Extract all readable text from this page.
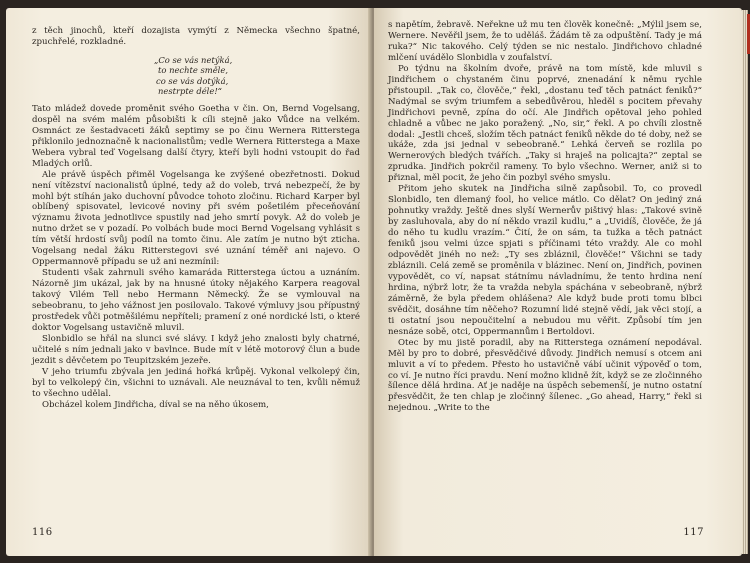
z těch jinochů, kteří dozajista vymýtí z Německa všechno špatné, zpuchřelé, rozkladné.

„Co se vás netýká,
to nechte směle,
co se vás dotýká,
nestrpte déle!“

Tato mládež dovede proměnit svého Goetha v čin. On, Bernd Vogelsang, dospěl na svém malém působišti k cíli stejně jako Vůdce na velkém. Osmnáct ze šestadvaceti žáků septimy se po činu Wernera Ritterstega přiklonilo jednoznačně k nacionalistům; vedle Wernera Ritterstega a Maxe Webera vybral teď Vogelsang další čtyry, kteří byli hodni vstoupit do řad Mladých orlů.

Ale právě úspěch přiměl Vogelsanga ke zvýšené obezřetnosti. Dokud není vítězství nacionalistů úplné, tedy až do voleb, trvá nebezpečí, že by mohl být stíhán jako duchovní původce tohoto zločinu. Richard Karper byl oblíbený spisovatel, levicové noviny při svém pošetilém přeceňování významu života jednotlivce spustily nad jeho smrtí povyk. Až do voleb je nutno držet se v pozadí. Po volbách bude moci Bernd Vogelsang vyhlásit s tím větší hrdostí svůj podíl na tomto činu. Ale zatím je nutno být zticha. Vogelsang nedal žáku Ritterstegovi své uznání téměř ani najevo. O Oppermannově případu se už ani nezmínil:

Studenti však zahrnuli svého kamaráda Ritterstega úctou a uznáním. Názorně jim ukázal, jak by na hnusné útoky nějakého Karpera reagoval takový Vilém Tell nebo Hermann Německý. Že se vymlouval na sebeobranu, to jeho vážnost jen posilovalo. Takové výmluvy jsou přípustný prostředek vůči potměšilému nepříteli; pramení z oné nordické lsti, o které doktor Vogelsang ustavičně mluvil.

Slonbidlo se hřál na slunci své slávy. I když jeho znalosti byly chatrné, učitelé s ním jednali jako v bavlnce. Bude mít v létě motorový člun a bude jezdit s děvčetem po Teupitzském jezeře.

V jeho triumfu zbývala jen jediná hořká krůpěj. Vykonal velkolepý čin, byl to velkolepý čin, všichni to uznávali. Ale neuznával to ten, kvůli němuž to všechno udělal.

Obcházel kolem Jindřicha, díval se na něho úkosem,

116

s napětím, žebravě. Neřekne už mu ten člověk konečně: „Mýlil jsem se, Wernere. Nevěřil jsem, že to uděláš. Žádám tě za odpuštění. Tady je má ruka?“ Nic takového. Celý týden se nic nestalo. Jindřichovo chladné mlčení uvádělo Slonbidla v zoufalství.

Po týdnu na školním dvoře, právě na tom místě, kde mluvil s Jindřichem o chystaném činu poprvé, znenadání k němu rychle přistoupil. „Tak co, člověče,“ řekl, „dostanu teď těch patnáct feniků?“ Nadýmal se svým triumfem a sebedůvěrou, hleděl s pocitem převahy Jindřichovi pevně, zpína do očí. Ale Jindřich opětoval jeho pohled chladně a vůbec ne jako poražený. „No, sir,“ řekl. A po chvíli zlostně dodal: „Jestli chceš, složím těch patnáct feniků někde do té doby, než se ukáže, zda jsi jednal v sebeobraně.“ Lehká červeň se rozlila po Wernerových bledých tvářích. „Taky si hraješ na policajta?“ zeptal se zprudka. Jindřich pokrčil rameny. To bylo všechno. Werner, aniž si to přiznal, měl pocit, že jeho čin pozbyl svého smyslu.

Přitom jeho skutek na Jindřicha silně zapůsobil. To, co provedl Slonbidlo, ten dlemaný fool, ho velice mátlo. Co dělat? On jediný zná pohnutky vraždy. Ještě dnes slyší Wernerův pištivý hlas: „Takové svině by zasluhovala, aby do ní někdo vrazil kudlu,“ a „Uvidíš, člověče, že já do něho tu kudlu vrazím.“ Čití, že on sám, ta tužka a těch patnáct feniků jsou velmi úzce spjati s příčinami této vraždy. Ale co mohl odpovědět jinéh no než: „Ty ses zbláznil, člověče!“ Všichni se tady zbláznili. Celá země se proměnila v blázinec. Není on, Jindřich, povinen vypovědět, co ví, napsat státnímu návladnímu, že tento hrdina není hrdina, nýbrž lotr, že ta vražda nebyla spáchána v sebeobraně, nýbrž záměrně, že byla předem ohlášena? Ale když bude proti tomu blbci svědčit, dosáhne tím něčeho? Rozumní lidé stejně vědí, jak věci stojí, a ti ostatní jsou nepoučitelní a nebudou mu věřit. Způsobí tím jen nesnáze sobě, otci, Oppermannům i Bertoldovi.

Otec by mu jistě poradil, aby na Ritterstega oznámení nepodával. Měl by pro to dobré, přesvědčivé důvody. Jindřich nemusí s otcem ani mluvit a ví to předem. Přesto ho ustavičně vábí učinit výpověď o tom, co ví. Je nutno říci pravdu. Není možno klidně žít, když se ze zločinného šílence dělá hrdina. Ať je naděje na úspěch sebemenší, je nutno ostatní přesvědčit, že ten chlap je zločinný šílenec. „Go ahead, Harry,“ řekl si nejednou. „Write to the

117
